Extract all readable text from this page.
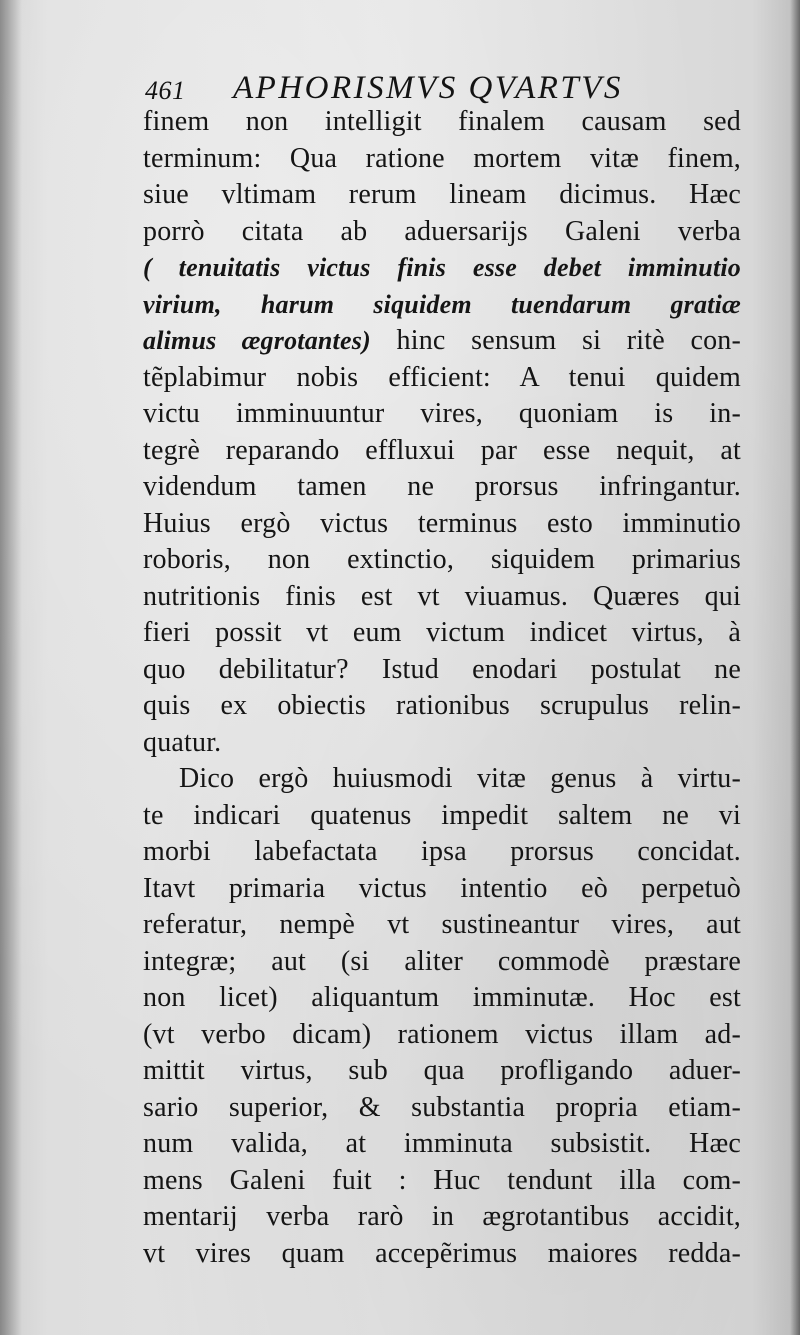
461 APHORISMVS QVARTVS
finem non intelligit finalem causam sed
terminum: Qua ratione mortem vitæ finem,
siue vltimam rerum lineam dicimus. Hæc
porrò citata ab aduersarijs Galeni verba
( tenuitatis victus finis esse debet imminutio
virium, harum siquidem tuendarum gratiæ
alimus ægrotantes) hinc sensum si ritè con-
tẽplabimur nobis efficient: A tenui quidem
victu imminuuntur vires, quoniam is in-
tegrè reparando effluxui par esse nequit, at
videndum tamen ne prorsus infringantur.
Huius ergò victus terminus esto imminutio
roboris, non extinctio, siquidem primarius
nutritionis finis est vt viuamus. Quæres qui
fieri possit vt eum victum indicet virtus, à
quo debilitatur? Istud enodari postulat ne
quis ex obiectis rationibus scrupulus relin-
quatur.
Dico ergò huiusmodi vitæ genus à virtu-
te indicari quatenus impedit saltem ne vi
morbi labefactata ipsa prorsus concidat.
Itavt primaria victus intentio eò perpetuò
referatur, nempè vt sustineantur vires, aut
integræ; aut (si aliter commodè præstare
non licet) aliquantum imminutæ. Hoc est
(vt verbo dicam) rationem victus illam ad-
mittit virtus, sub qua profligando aduer-
sario superior, & substantia propria etiam-
num valida, at imminuta subsistit. Hæc
mens Galeni fuit : Huc tendunt illa com-
mentarij verba rarò in ægrotantibus accidit,
vt vires quam accepẽrimus maiores redda-
